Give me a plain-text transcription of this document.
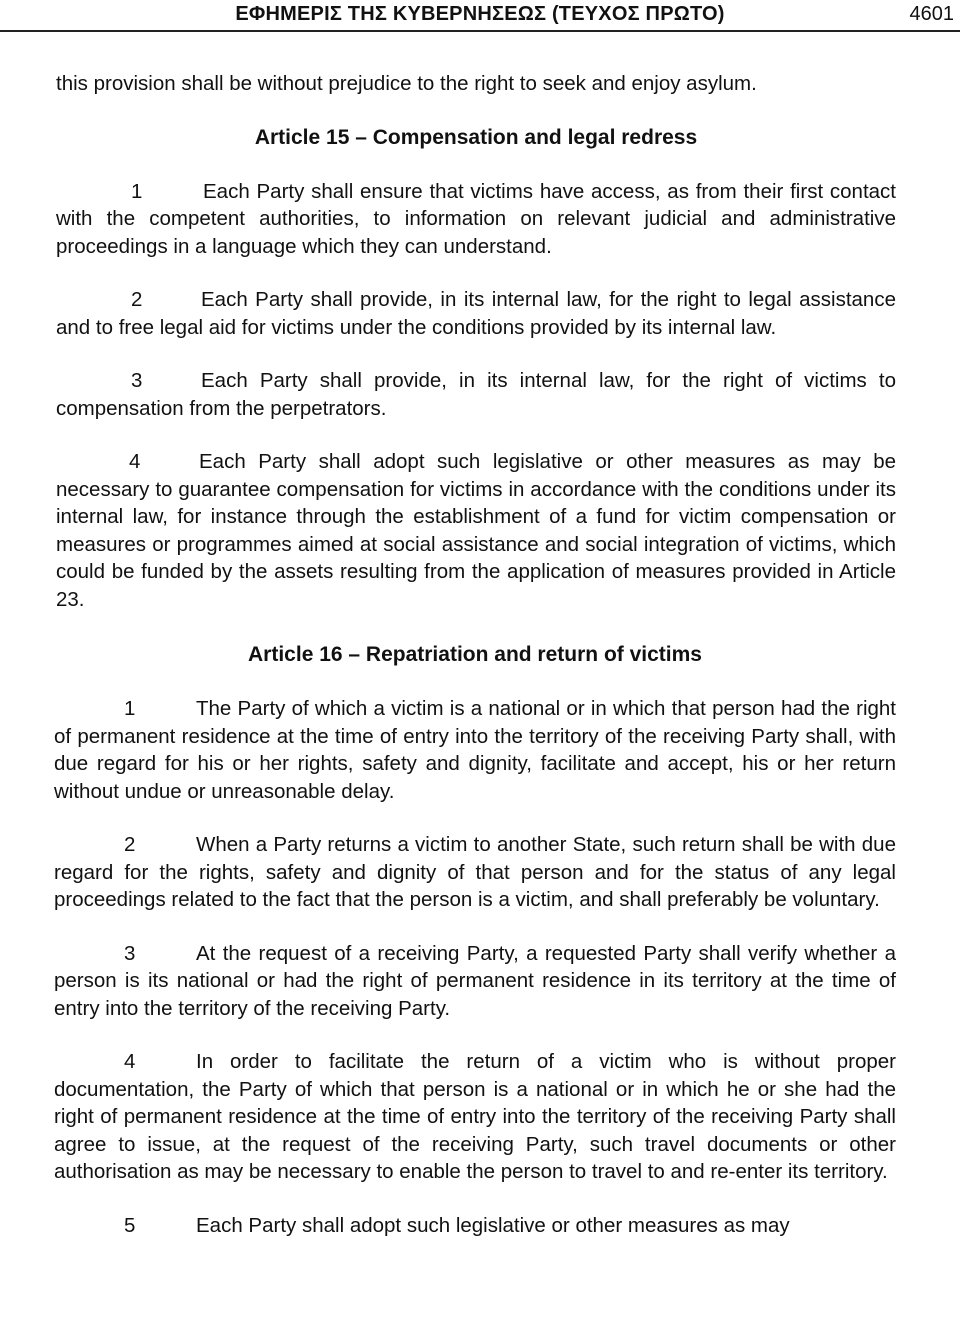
ΕΦΗΜΕΡΙΣ ΤΗΣ ΚΥΒΕΡΝΗΣΕΩΣ (ΤΕΥΧΟΣ ΠΡΩΤΟ)	4601

this provision shall be without prejudice to the right to seek and enjoy asylum.

Article 15 – Compensation and legal redress

1	Each Party shall ensure that victims have access, as from their first contact with the competent authorities, to information on relevant judicial and administrative proceedings in a language which they can understand.

2	Each Party shall provide, in its internal law, for the right to legal assistance and to free legal aid for victims under the conditions provided by its internal law.

3	Each Party shall provide, in its internal law, for the right of victims to compensation from the perpetrators.

4	Each Party shall adopt such legislative or other measures as may be necessary to guarantee compensation for victims in accordance with the conditions under its internal law, for instance through the establishment of a fund for victim compensation or measures or programmes aimed at social assistance and social integration of victims, which could be funded by the assets resulting from the application of measures provided in Article 23.

Article 16 – Repatriation and return of victims

1	The Party of which a victim is a national or in which that person had the right of permanent residence at the time of entry into the territory of the receiving Party shall, with due regard for his or her rights, safety and dignity, facilitate and accept, his or her return without undue or unreasonable delay.

2	When a Party returns a victim to another State, such return shall be with due regard for the rights, safety and dignity of that person and for the status of any legal proceedings related to the fact that the person is a victim, and shall preferably be voluntary.

3	At the request of a receiving Party, a requested Party shall verify whether a person is its national or had the right of permanent residence in its territory at the time of entry into the territory of the receiving Party.

4	In order to facilitate the return of a victim who is without proper documentation, the Party of which that person is a national or in which he or she had the right of permanent residence at the time of entry into the territory of the receiving Party shall agree to issue, at the request of the receiving Party, such travel documents or other authorisation as may be necessary to enable the person to travel to and re-enter its territory.

5	Each Party shall adopt such legislative or other measures as may
